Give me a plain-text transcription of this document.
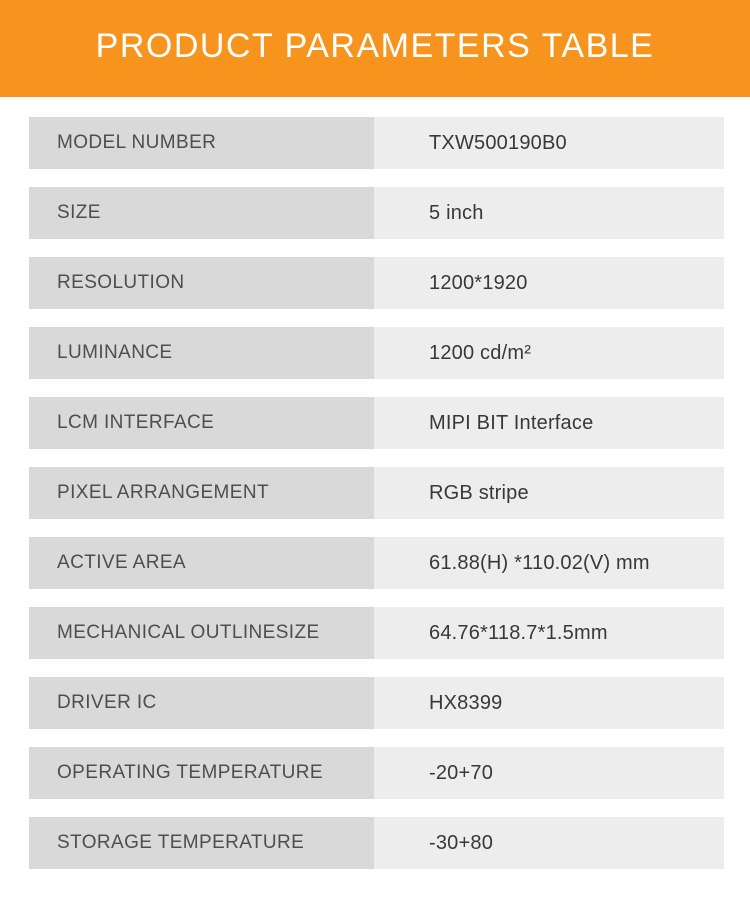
PRODUCT PARAMETERS TABLE
MODEL NUMBER	TXW500190B0
SIZE	5 inch
RESOLUTION	1200*1920
LUMINANCE	1200 cd/m²
LCM INTERFACE	MIPI BIT Interface
PIXEL ARRANGEMENT	RGB stripe
ACTIVE AREA	61.88(H) *110.02(V) mm
MECHANICAL OUTLINESIZE	64.76*118.7*1.5mm
DRIVER IC	HX8399
OPERATING TEMPERATURE	-20+70
STORAGE TEMPERATURE	-30+80
